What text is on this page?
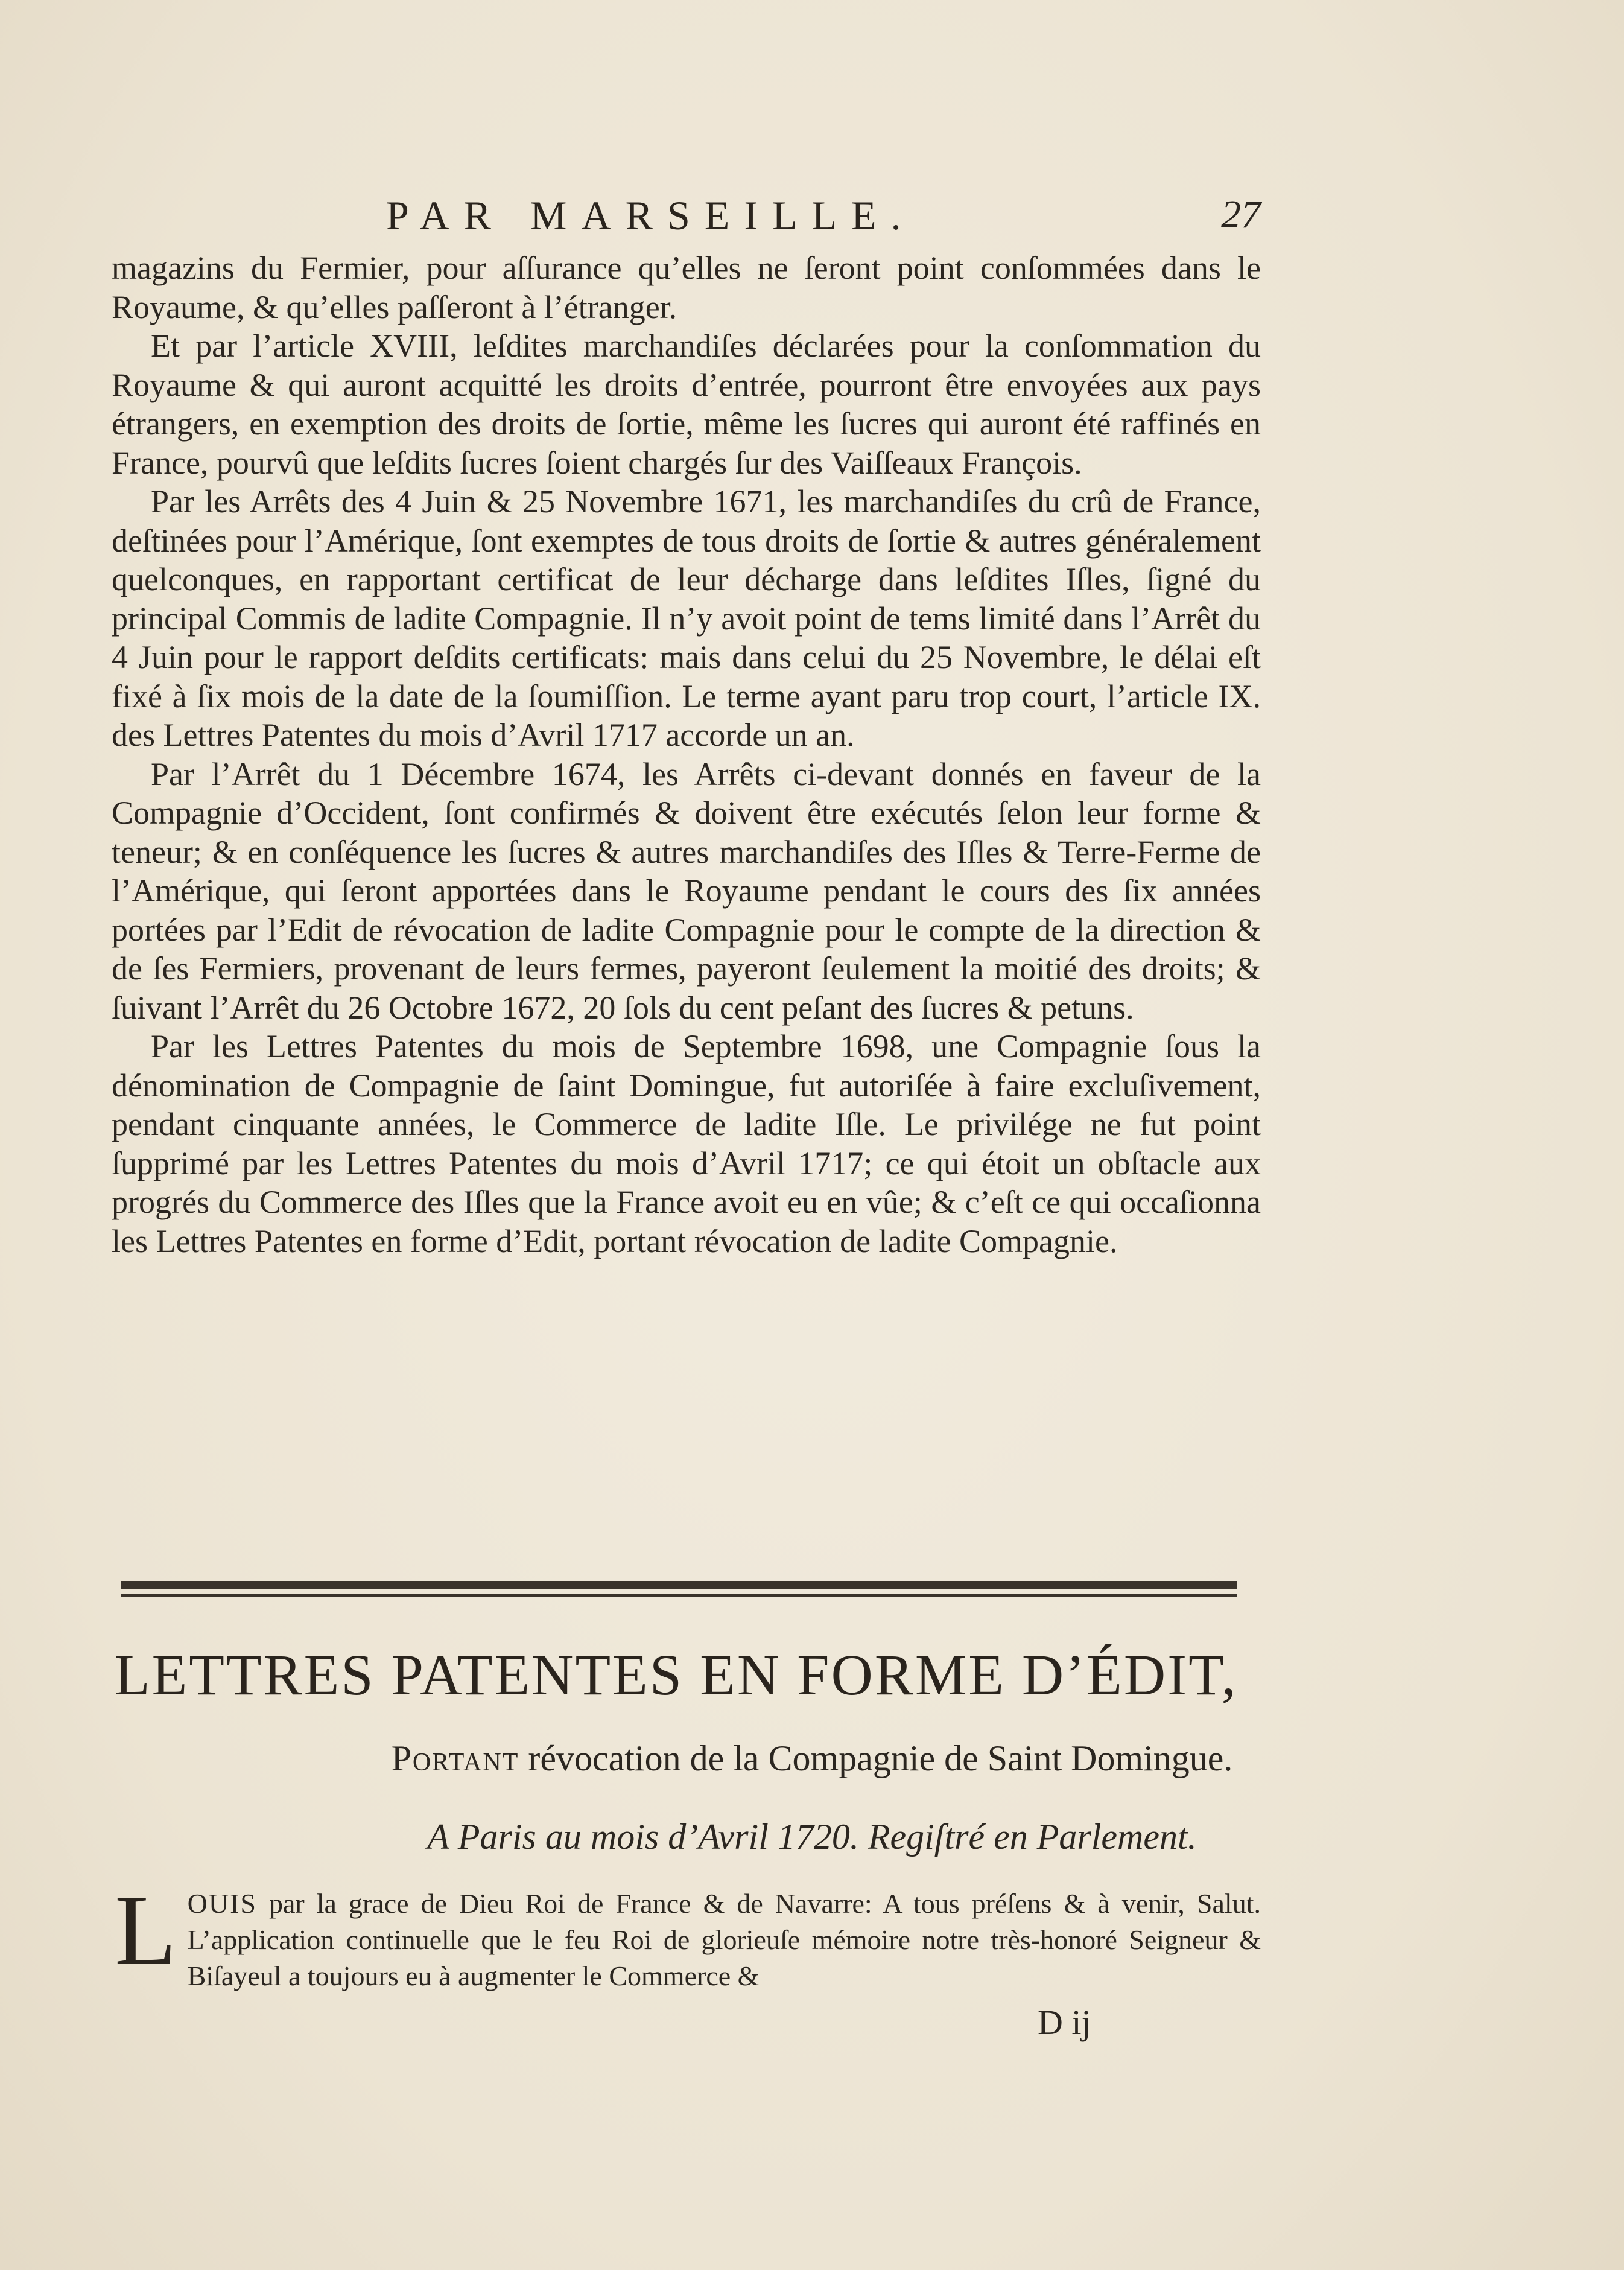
PAR MARSEILLE.	27

magazins du Fermier, pour aſſurance qu’elles ne ſeront point conſommées dans le Royaume, & qu’elles paſſeront à l’étranger.

Et par l’article XVIII, leſdites marchandiſes déclarées pour la conſommation du Royaume & qui auront acquitté les droits d’entrée, pourront être envoyées aux pays étrangers, en exemption des droits de ſortie, même les ſucres qui auront été raffinés en France, pourvû que leſdits ſucres ſoient chargés ſur des Vaiſſeaux François.

Par les Arrêts des 4 Juin & 25 Novembre 1671, les marchandiſes du crû de France, deſtinées pour l’Amérique, ſont exemptes de tous droits de ſortie & autres généralement quelconques, en rapportant certificat de leur décharge dans leſdites Iſles, ſigné du principal Commis de ladite Compagnie. Il n’y avoit point de tems limité dans l’Arrêt du 4 Juin pour le rapport deſdits certificats: mais dans celui du 25 Novembre, le délai eſt fixé à ſix mois de la date de la ſoumiſſion. Le terme ayant paru trop court, l’article IX. des Lettres Patentes du mois d’Avril 1717 accorde un an.

Par l’Arrêt du 1 Décembre 1674, les Arrêts ci-devant donnés en faveur de la Compagnie d’Occident, ſont confirmés & doivent être exécutés ſelon leur forme & teneur; & en conſéquence les ſucres & autres marchandiſes des Iſles & Terre-Ferme de l’Amérique, qui ſeront apportées dans le Royaume pendant le cours des ſix années portées par l’Edit de révocation de ladite Compagnie pour le compte de la direction & de ſes Fermiers, provenant de leurs fermes, payeront ſeulement la moitié des droits; & ſuivant l’Arrêt du 26 Octobre 1672, 20 ſols du cent peſant des ſucres & petuns.

Par les Lettres Patentes du mois de Septembre 1698, une Compagnie ſous la dénomination de Compagnie de ſaint Domingue, fut autoriſée à faire excluſivement, pendant cinquante années, le Commerce de ladite Iſle. Le privilége ne fut point ſupprimé par les Lettres Patentes du mois d’Avril 1717; ce qui étoit un obſtacle aux progrés du Commerce des Iſles que la France avoit eu en vûe; & c’eſt ce qui occaſionna les Lettres Patentes en forme d’Edit, portant révocation de ladite Compagnie.

LETTRES PATENTES EN FORME D’ÉDIT,
Portant révocation de la Compagnie de Saint Domingue.
A Paris au mois d’Avril 1720. Regiſtré en Parlement.
LOUIS par la grace de Dieu Roi de France & de Navarre: A tous préſens & à venir, Salut. L’application continuelle que le feu Roi de glorieuſe mémoire notre très-honoré Seigneur & Biſayeul a toujours eu à augmenter le Commerce &
D ij
